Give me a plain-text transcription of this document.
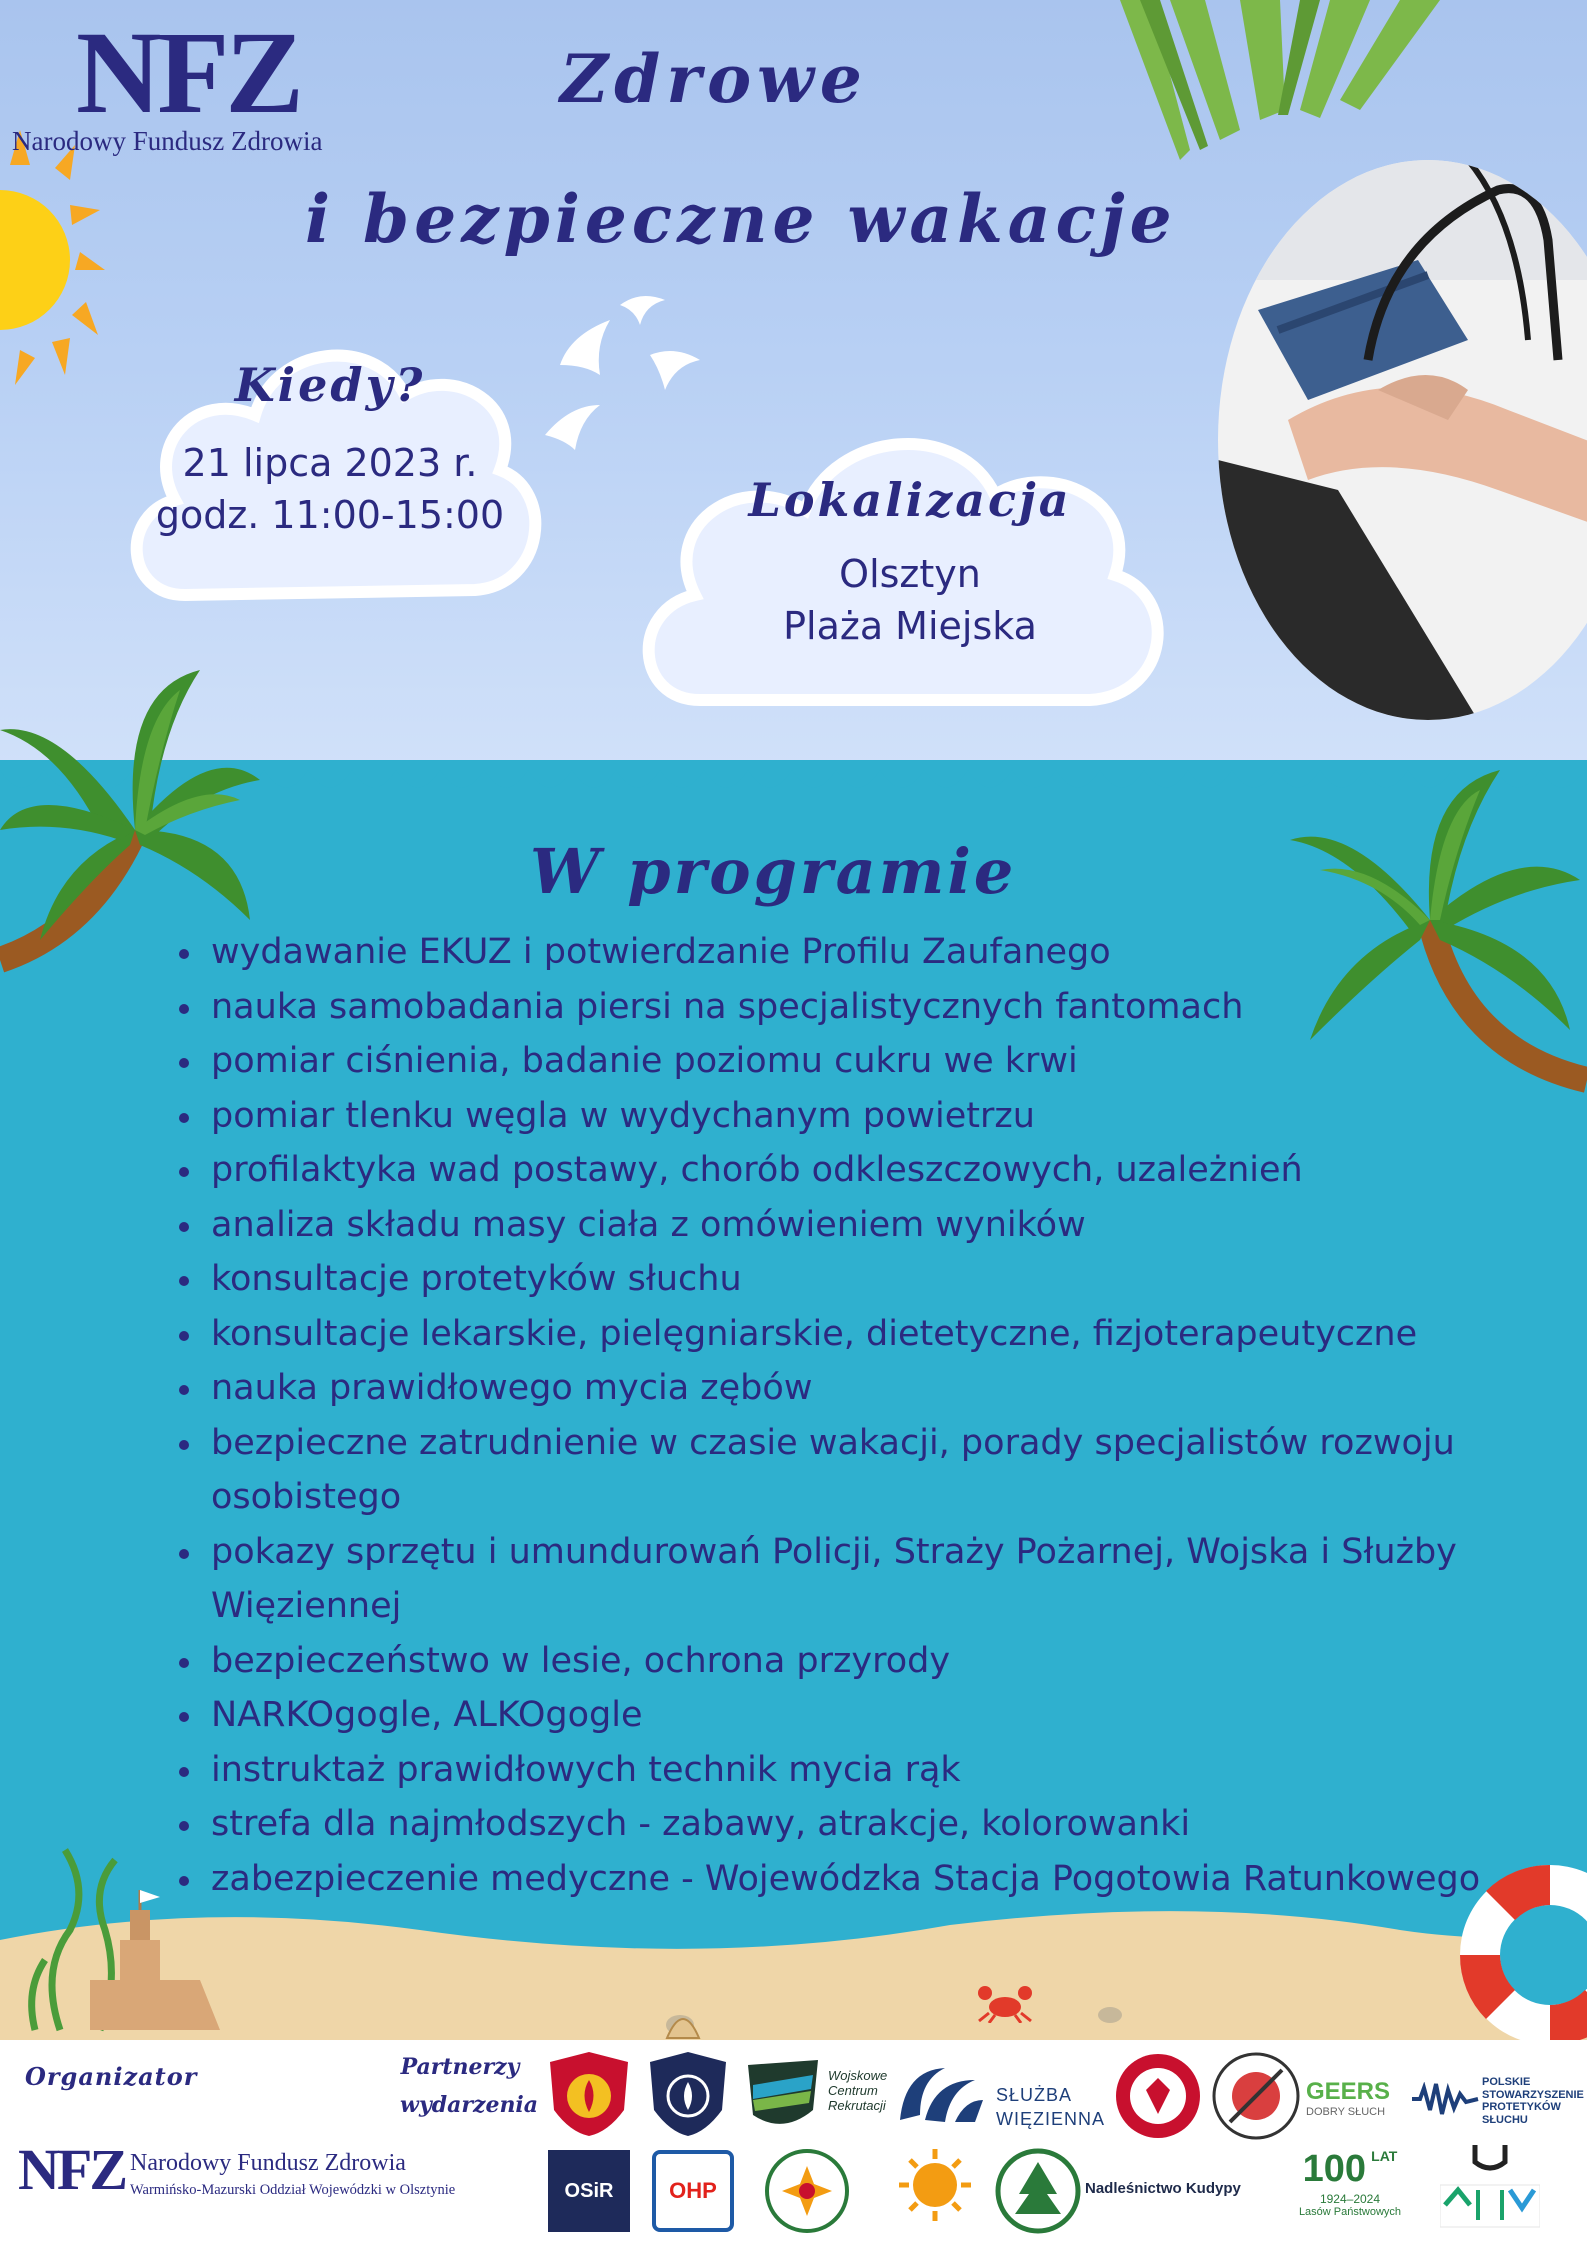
NFZ
Narodowy Fundusz Zdrowia
Zdrowe
i bezpieczne wakacje
Kiedy?
21 lipca 2023 r.
godz. 11:00-15:00	Lokalizacja
Olsztyn
Plaża Miejska
W programie
wydawanie EKUZ i potwierdzanie Profilu Zaufanego
nauka samobadania piersi na specjalistycznych fantomach
pomiar ciśnienia, badanie poziomu cukru we krwi
pomiar tlenku węgla w wydychanym powietrzu
profilaktyka wad postawy, chorób odkleszczowych, uzależnień
analiza składu masy ciała z omówieniem wyników
konsultacje protetyków słuchu
konsultacje lekarskie, pielęgniarskie, dietetyczne, fizjoterapeutyczne
nauka prawidłowego mycia zębów
bezpieczne zatrudnienie w czasie wakacji, porady specjalistów rozwoju osobistego
pokazy sprzętu i umundurowań Policji, Straży Pożarnej, Wojska i Służby Więziennej
bezpieczeństwo w lesie, ochrona przyrody
NARKOgogle, ALKOgogle
instruktaż prawidłowych technik mycia rąk
strefa dla najmłodszych - zabawy, atrakcje, kolorowanki
zabezpieczenie medyczne - Wojewódzka Stacja Pogotowia Ratunkowego
Organizator
NFZ Narodowy Fundusz Zdrowia
Warmińsko-Mazurski Oddział Wojewódzki w Olsztynie
Partnerzy
wydarzenia
Wojskowe
Centrum
Rekrutacji
SŁUŻBA
WIĘZIENNA
GEERS
DOBRY SŁUCH
POLSKIE
STOWARZYSZENIE
PROTETYKÓW
SŁUCHU
OSiR	OHP	Nadleśnictwo Kudypy 100 LAT
1924–2024
Lasów Państwowych
